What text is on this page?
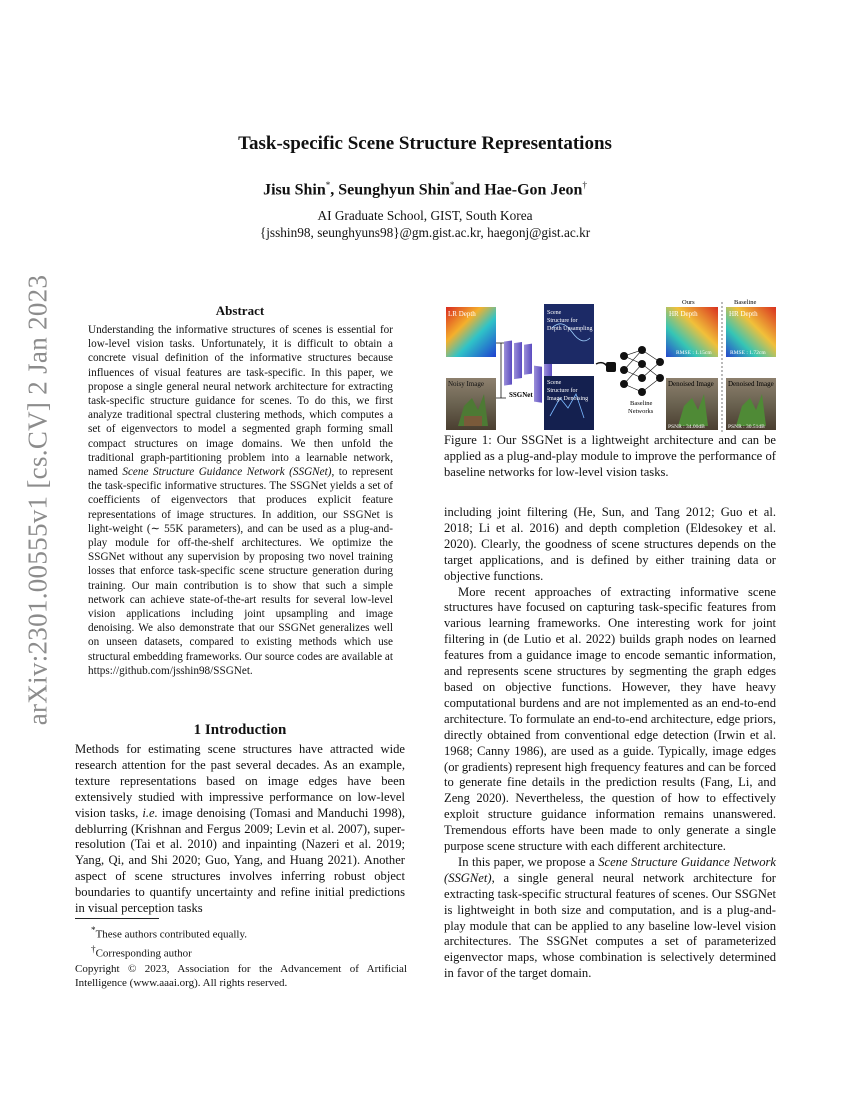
arXiv:2301.00555v1 [cs.CV] 2 Jan 2023
Task-specific Scene Structure Representations
Jisu Shin*, Seunghyun Shin*and Hae-Gon Jeon†
AI Graduate School, GIST, South Korea
{jsshin98, seunghyuns98}@gm.gist.ac.kr, haegonj@gist.ac.kr
Abstract

Understanding the informative structures of scenes is essential for low-level vision tasks. Unfortunately, it is difficult to obtain a concrete visual definition of the informative structures because influences of visual features are task-specific. In this paper, we propose a single general neural network architecture for extracting task-specific structure guidance for scenes. To do this, we first analyze traditional spectral clustering methods, which computes a set of eigenvectors to model a segmented graph forming small compact structures on image domains. We then unfold the traditional graph-partitioning problem into a learnable network, named Scene Structure Guidance Network (SSGNet), to represent the task-specific informative structures. The SSGNet yields a set of coefficients of eigenvectors that produces explicit feature representations of image structures. In addition, our SSGNet is light-weight (∼ 55K parameters), and can be used as a plug-and-play module for off-the-shelf architectures. We optimize the SSGNet without any supervision by proposing two novel training losses that enforce task-specific scene structure generation during training. Our main contribution is to show that such a simple network can achieve state-of-the-art results for several low-level vision applications including joint upsampling and image denoising. We also demonstrate that our SSGNet generalizes well on unseen datasets, compared to existing methods which use structural embedding frameworks. Our source codes are available at https://github.com/jsshin98/SSGNet.

1 Introduction

Methods for estimating scene structures have attracted wide research attention for the past several decades. As an example, texture representations based on image edges have been extensively studied with impressive performance on low-level vision tasks, i.e. image denoising (Tomasi and Manduchi 1998), deblurring (Krishnan and Fergus 2009; Levin et al. 2007), super-resolution (Tai et al. 2010) and inpainting (Nazeri et al. 2019; Yang, Qi, and Shi 2020; Guo, Yang, and Huang 2021). Another aspect of scene structures involves inferring robust object boundaries to quantify uncertainty and refine initial predictions in visual perception tasks

*These authors contributed equally.
†Corresponding author
Copyright © 2023, Association for the Advancement of Artificial Intelligence (www.aaai.org). All rights reserved.
LR Depth
Noisy Image
SSGNet
Scene
Structure for
Depth Upsampling
Scene
Structure for
Image Denoising
Baseline
Networks
Ours	Baseline
HR Depth
RMSE : 1.15cm
HR Depth
RMSE : 1.72cm
Denoised Image
PSNR : 34.00dB
Denoised Image
PSNR : 30.51dB
Figure 1: Our SSGNet is a lightweight architecture and can be applied as a plug-and-play module to improve the performance of baseline networks for low-level vision tasks.

including joint filtering (He, Sun, and Tang 2012; Guo et al. 2018; Li et al. 2016) and depth completion (Eldesokey et al. 2020). Clearly, the goodness of scene structures depends on the target applications, and is defined by either training data or objective functions.

More recent approaches of extracting informative scene structures have focused on capturing task-specific features from various learning frameworks. One interesting work for joint filtering in (de Lutio et al. 2022) builds graph nodes on learned features from a guidance image to encode semantic information, and represents scene structures by segmenting the graph edges based on objective functions. However, they have heavy computational burdens and are not implemented as an end-to-end architecture. To formulate an end-to-end architecture, edge priors, directly obtained from conventional edge detection (Irwin et al. 1968; Canny 1986), are used as a guide. Typically, image edges (or gradients) represent high frequency features and can be forced to generate fine details in the prediction results (Fang, Li, and Zeng 2020). Nevertheless, the question of how to effectively exploit structure guidance information remains unanswered. Tremendous efforts have been made to only generate a single purpose scene structure with each different architecture.

In this paper, we propose a Scene Structure Guidance Network (SSGNet), a single general neural network architecture for extracting task-specific structural features of scenes. Our SSGNet is lightweight in both size and computation, and is a plug-and-play module that can be applied to any baseline low-level vision architectures. The SSGNet computes a set of parameterized eigenvector maps, whose combination is selectively determined in favor of the target domain.
